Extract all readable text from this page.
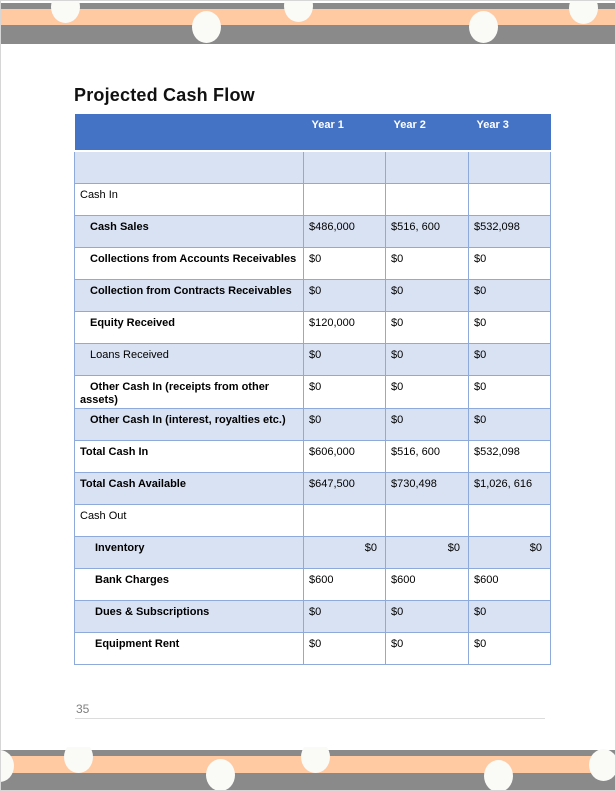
Projected Cash Flow
	Year 1	Year 2	Year 3

Cash In			
Cash Sales	$486,000	$516, 600	$532,098
Collections from Accounts Receivables	$0	$0	$0
Collection from Contracts Receivables	$0	$0	$0
Equity Received	$120,000	$0	$0
Loans Received	$0	$0	$0
Other Cash In (receipts from other assets)	$0	$0	$0
Other Cash In (interest, royalties etc.)	$0	$0	$0
Total Cash In	$606,000	$516, 600	$532,098
Total Cash Available	$647,500	$730,498	$1,026, 616
Cash Out			
Inventory	$0	$0	$0
Bank Charges	$600	$600	$600
Dues & Subscriptions	$0	$0	$0
Equipment Rent	$0	$0	$0
35
